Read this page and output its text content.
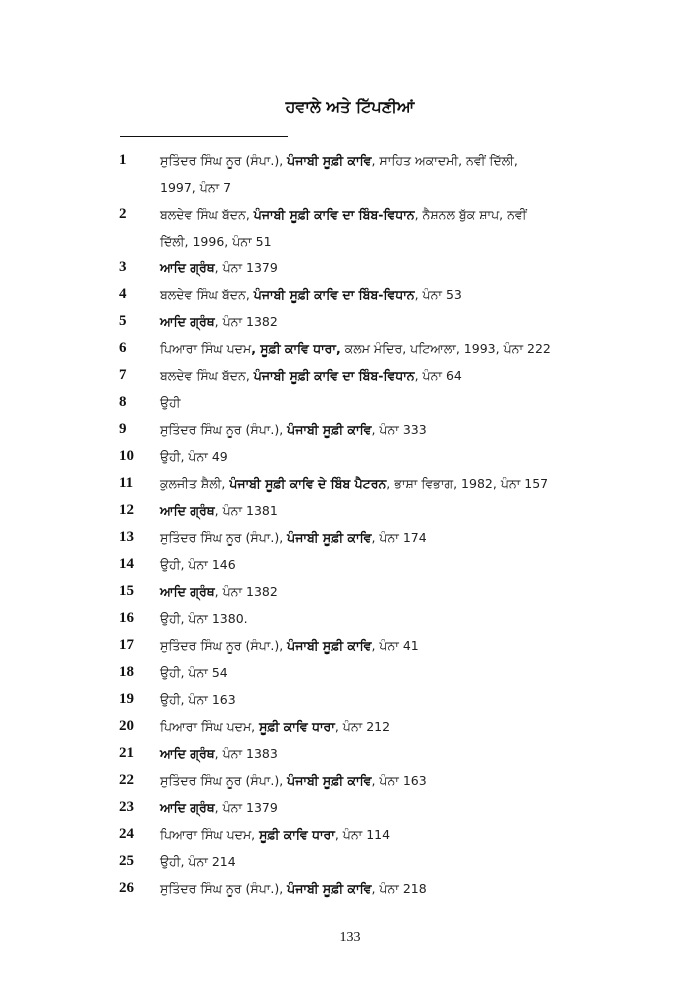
ਹਵਾਲੇ ਅਤੇ ਟਿੱਪਣੀਆਂ
1	ਸੁਤਿੰਦਰ ਸਿੰਘ ਨੂਰ (ਸੰਪਾ.), ਪੰਜਾਬੀ ਸੂਫ਼ੀ ਕਾਵਿ, ਸਾਹਿਤ ਅਕਾਦਮੀ, ਨਵੀਂ ਦਿੱਲੀ,
1997, ਪੰਨਾ 7
2	ਬਲਦੇਵ ਸਿੰਘ ਬੱਦਨ, ਪੰਜਾਬੀ ਸੂਫ਼ੀ ਕਾਵਿ ਦਾ ਬਿੰਬ-ਵਿਧਾਨ, ਨੈਸ਼ਨਲ ਬੁੱਕ ਸ਼ਾਪ, ਨਵੀਂ
ਦਿੱਲੀ, 1996, ਪੰਨਾ 51
3	ਆਦਿ ਗ੍ਰੰਥ, ਪੰਨਾ 1379
4	ਬਲਦੇਵ ਸਿੰਘ ਬੱਦਨ, ਪੰਜਾਬੀ ਸੂਫ਼ੀ ਕਾਵਿ ਦਾ ਬਿੰਬ-ਵਿਧਾਨ, ਪੰਨਾ 53
5	ਆਦਿ ਗ੍ਰੰਥ, ਪੰਨਾ 1382
6	ਪਿਆਰਾ ਸਿੰਘ ਪਦਮ, ਸੂਫ਼ੀ ਕਾਵਿ ਧਾਰਾ, ਕਲਮ ਮੰਦਿਰ, ਪਟਿਆਲਾ, 1993, ਪੰਨਾ 222
7	ਬਲਦੇਵ ਸਿੰਘ ਬੱਦਨ, ਪੰਜਾਬੀ ਸੂਫ਼ੀ ਕਾਵਿ ਦਾ ਬਿੰਬ-ਵਿਧਾਨ, ਪੰਨਾ 64
8	ਉਹੀ
9	ਸੁਤਿੰਦਰ ਸਿੰਘ ਨੂਰ (ਸੰਪਾ.), ਪੰਜਾਬੀ ਸੂਫ਼ੀ ਕਾਵਿ, ਪੰਨਾ 333
10 ਉਹੀ, ਪੰਨਾ 49
11 ਕੁਲਜੀਤ ਸ਼ੈਲੀ, ਪੰਜਾਬੀ ਸੂਫ਼ੀ ਕਾਵਿ ਦੇ ਬਿੰਬ ਪੈਟਰਨ, ਭਾਸ਼ਾ ਵਿਭਾਗ, 1982, ਪੰਨਾ 157
12 ਆਦਿ ਗ੍ਰੰਥ, ਪੰਨਾ 1381
13 ਸੁਤਿੰਦਰ ਸਿੰਘ ਨੂਰ (ਸੰਪਾ.), ਪੰਜਾਬੀ ਸੂਫ਼ੀ ਕਾਵਿ, ਪੰਨਾ 174
14 ਉਹੀ, ਪੰਨਾ 146
15 ਆਦਿ ਗ੍ਰੰਥ, ਪੰਨਾ 1382
16 ਉਹੀ, ਪੰਨਾ 1380.
17 ਸੁਤਿੰਦਰ ਸਿੰਘ ਨੂਰ (ਸੰਪਾ.), ਪੰਜਾਬੀ ਸੂਫ਼ੀ ਕਾਵਿ, ਪੰਨਾ 41
18 ਉਹੀ, ਪੰਨਾ 54
19 ਉਹੀ, ਪੰਨਾ 163
20 ਪਿਆਰਾ ਸਿੰਘ ਪਦਮ, ਸੂਫ਼ੀ ਕਾਵਿ ਧਾਰਾ, ਪੰਨਾ 212
21 ਆਦਿ ਗ੍ਰੰਥ, ਪੰਨਾ 1383
22 ਸੁਤਿੰਦਰ ਸਿੰਘ ਨੂਰ (ਸੰਪਾ.), ਪੰਜਾਬੀ ਸੂਫ਼ੀ ਕਾਵਿ, ਪੰਨਾ 163
23 ਆਦਿ ਗ੍ਰੰਥ, ਪੰਨਾ 1379
24 ਪਿਆਰਾ ਸਿੰਘ ਪਦਮ, ਸੂਫ਼ੀ ਕਾਵਿ ਧਾਰਾ, ਪੰਨਾ 114
25 ਉਹੀ, ਪੰਨਾ 214
26 ਸੁਤਿੰਦਰ ਸਿੰਘ ਨੂਰ (ਸੰਪਾ.), ਪੰਜਾਬੀ ਸੂਫ਼ੀ ਕਾਵਿ, ਪੰਨਾ 218
133
